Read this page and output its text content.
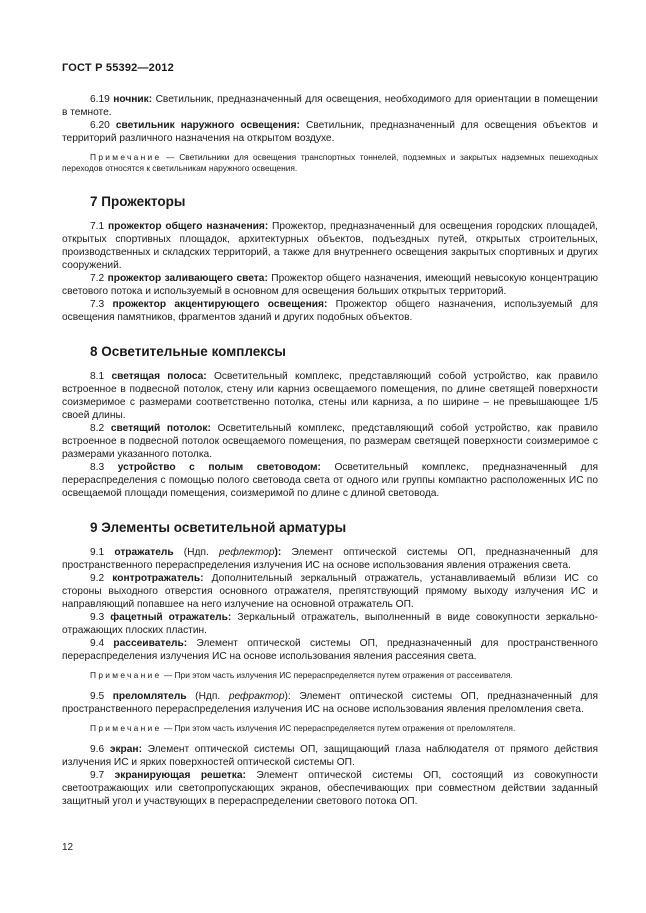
ГОСТ Р 55392—2012

6.19 ночник: Светильник, предназначенный для освещения, необходимого для ориентации в помещении в темноте.

6.20 светильник наружного освещения: Светильник, предназначенный для освещения объектов и территорий различного назначения на открытом воздухе.

Примечание — Светильники для освещения транспортных тоннелей, подземных и закрытых надземных пешеходных переходов относятся к светильникам наружного освещения.

7 Прожекторы

7.1 прожектор общего назначения: Прожектор, предназначенный для освещения городских площадей, открытых спортивных площадок, архитектурных объектов, подъездных путей, открытых строительных, производственных и складских территорий, а также для внутреннего освещения закрытых спортивных и других сооружений.

7.2 прожектор заливающего света: Прожектор общего назначения, имеющий невысокую концентрацию светового потока и используемый в основном для освещения больших открытых территорий.

7.3 прожектор акцентирующего освещения: Прожектор общего назначения, используемый для освещения памятников, фрагментов зданий и других подобных объектов.

8 Осветительные комплексы

8.1 светящая полоса: Осветительный комплекс, представляющий собой устройство, как правило встроенное в подвесной потолок, стену или карниз освещаемого помещения, по длине светящей поверхности соизмеримое с размерами соответственно потолка, стены или карниза, а по ширине – не превышающее 1/5 своей длины.

8.2 светящий потолок: Осветительный комплекс, представляющий собой устройство, как правило встроенное в подвесной потолок освещаемого помещения, по размерам светящей поверхности соизмеримое с размерами указанного потолка.

8.3 устройство с полым световодом: Осветительный комплекс, предназначенный для перераспределения с помощью полого световода света от одного или группы компактно расположенных ИС по освещаемой площади помещения, соизмеримой по длине с длиной световода.

9 Элементы осветительной арматуры

9.1 отражатель (Ндп. рефлектор): Элемент оптической системы ОП, предназначенный для пространственного перераспределения излучения ИС на основе использования явления отражения света.

9.2 контротражатель: Дополнительный зеркальный отражатель, устанавливаемый вблизи ИС со стороны выходного отверстия основного отражателя, препятствующий прямому выходу излучения ИС и направляющий попавшее на него излучение на основной отражатель ОП.

9.3 фацетный отражатель: Зеркальный отражатель, выполненный в виде совокупности зеркально-отражающих плоских пластин.

9.4 рассеиватель: Элемент оптической системы ОП, предназначенный для пространственного перераспределения излучения ИС на основе использования явления рассеяния света.

Примечание — При этом часть излучения ИС перераспределяется путем отражения от рассеивателя.

9.5 преломлятель (Ндп. рефрактор): Элемент оптической системы ОП, предназначенный для пространственного перераспределения излучения ИС на основе использования явления преломления света.

Примечание — При этом часть излучения ИС перераспределяется путем отражения от преломлятеля.

9.6 экран: Элемент оптической системы ОП, защищающий глаза наблюдателя от прямого действия излучения ИС и ярких поверхностей оптической системы ОП.

9.7 экранирующая решетка: Элемент оптической системы ОП, состоящий из совокупности светоотражающих или светопропускающих экранов, обеспечивающих при совместном действии заданный защитный угол и участвующих в перераспределении светового потока ОП.

12
